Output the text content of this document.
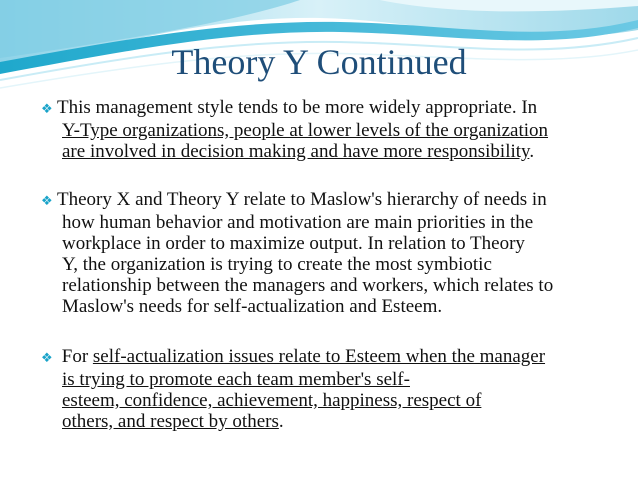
Theory Y Continued
❖ This management style tends to be more widely appropriate. In
Y-Type organizations, people at lower levels of the organization
are involved in decision making and have more responsibility.
❖ Theory X and Theory Y relate to Maslow's hierarchy of needs in
how human behavior and motivation are main priorities in the
workplace in order to maximize output. In relation to Theory
Y, the organization is trying to create the most symbiotic
relationship between the managers and workers, which relates to
Maslow's needs for self-actualization and Esteem.
❖ For self-actualization issues relate to Esteem when the manager
is trying to promote each team member's self-
esteem, confidence, achievement, happiness, respect of
others, and respect by others.
